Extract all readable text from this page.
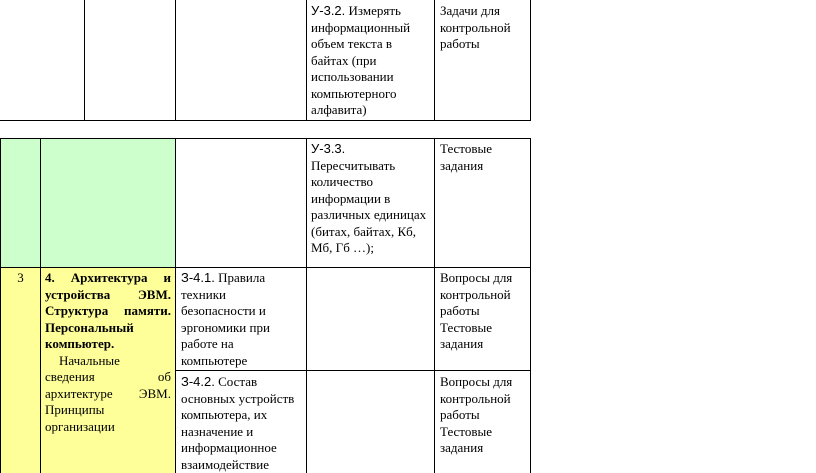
У-3.2. Измерять информационный объем текста в байтах (при использовании компьютерного алфавита)
Задачи для контрольной работы
У-3.3.
Пересчитывать количество информации в различных единицах (битах, байтах, Кб, Мб, Гб …);
Тестовые задания
3	4. Архитектура и устройства ЭВМ. Структура памяти. Персональный компьютер.
Начальные сведения об архитектуре ЭВМ. Принципы организации
З-4.1. Правила техники безопасности и эргономики при работе на компьютере
Вопросы для контрольной работы
Тестовые задания
З-4.2. Состав основных устройств компьютера, их назначение и информационное взаимодействие
Вопросы для контрольной работы
Тестовые задания
